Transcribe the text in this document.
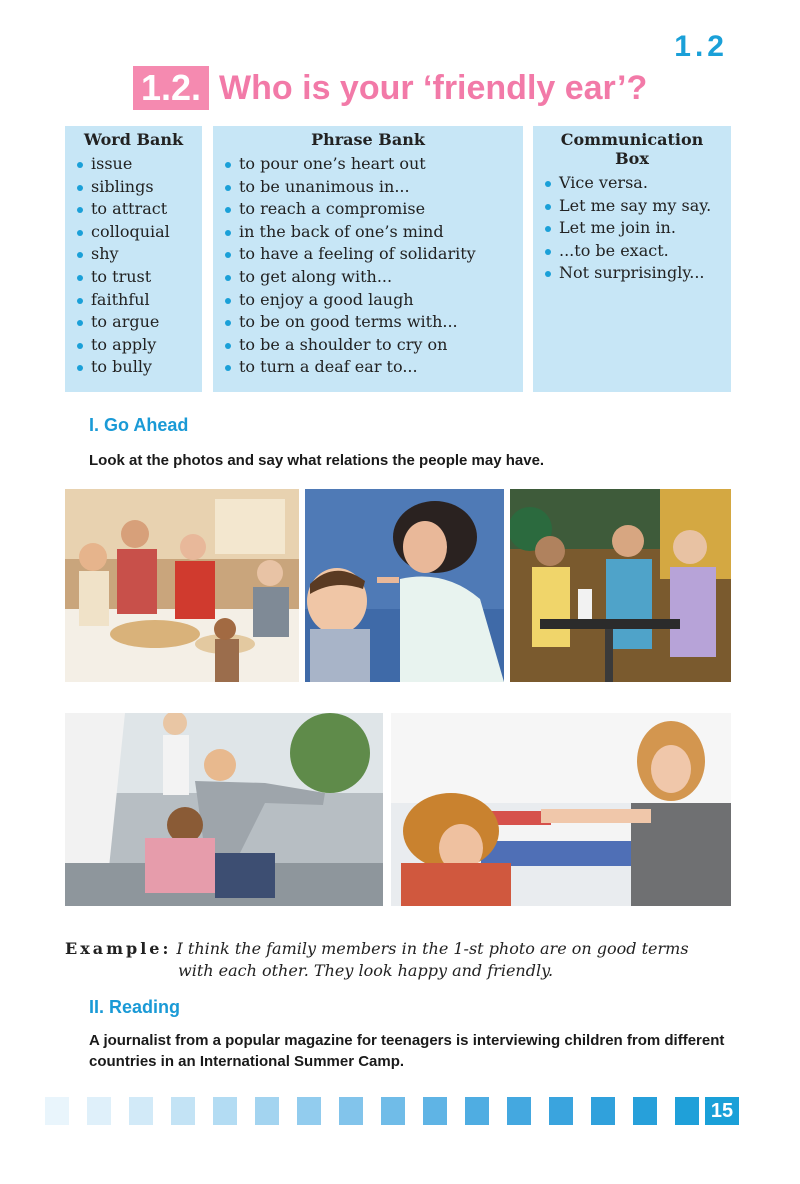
1.2
1.2. Who is your ‘friendly ear’?
Word Bank
issue
siblings
to attract
colloquial
shy
to trust
faithful
to argue
to apply
to bully
Phrase Bank
to pour one’s heart out
to be unanimous in...
to reach a compromise
in the back of one’s mind
to have a feeling of solidarity
to get along with...
to enjoy a good laugh
to be on good terms with...
to be a shoulder to cry on
to turn a deaf ear to...
Communication Box
Vice versa.
Let me say my say.
Let me join in.
...to be exact.
Not surprisingly...
I. Go Ahead
Look at the photos and say what relations the people may have.
Example: I think the family members in the 1-st photo are on good terms
with each other. They look happy and friendly.
II. Reading
A journalist from a popular magazine for teenagers is interviewing children from different countries in an International Summer Camp.
15
